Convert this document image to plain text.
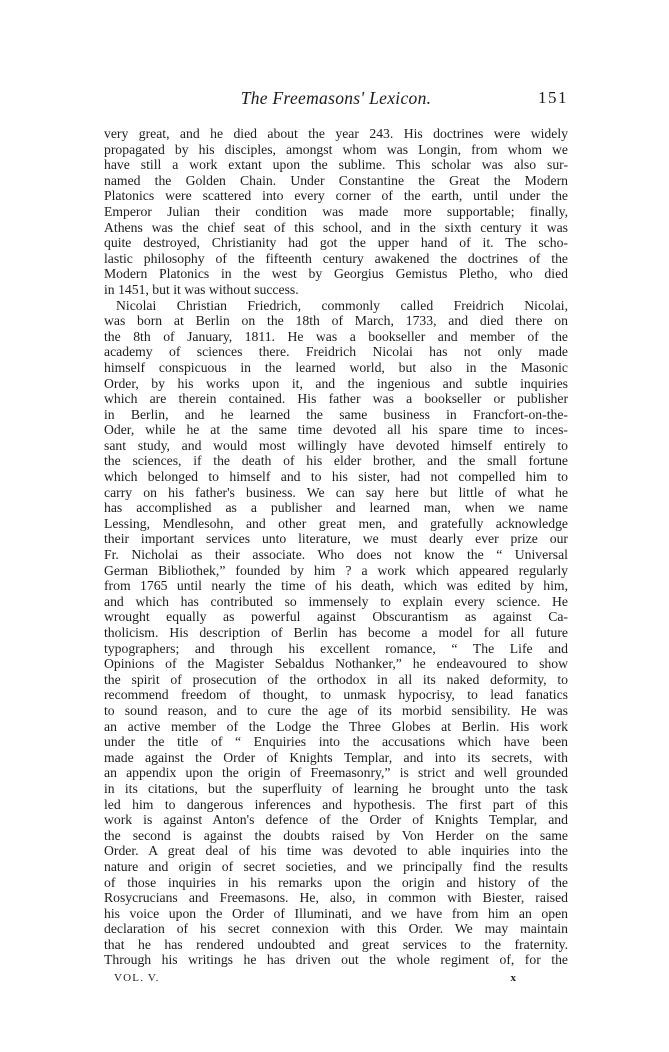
The Freemasons' Lexicon.	151
very great, and he died about the year 243. His doctrines were widely
propagated by his disciples, amongst whom was Longin, from whom we
have still a work extant upon the sublime. This scholar was also sur-
named the Golden Chain. Under Constantine the Great the Modern
Platonics were scattered into every corner of the earth, until under the
Emperor Julian their condition was made more supportable; finally,
Athens was the chief seat of this school, and in the sixth century it was
quite destroyed, Christianity had got the upper hand of it. The scho-
lastic philosophy of the fifteenth century awakened the doctrines of the
Modern Platonics in the west by Georgius Gemistus Pletho, who died
in 1451, but it was without success.
Nicolai Christian Friedrich, commonly called Freidrich Nicolai,
was born at Berlin on the 18th of March, 1733, and died there on
the 8th of January, 1811. He was a bookseller and member of the
academy of sciences there. Freidrich Nicolai has not only made
himself conspicuous in the learned world, but also in the Masonic
Order, by his works upon it, and the ingenious and subtle inquiries
which are therein contained. His father was a bookseller or publisher
in Berlin, and he learned the same business in Francfort-on-the-
Oder, while he at the same time devoted all his spare time to inces-
sant study, and would most willingly have devoted himself entirely to
the sciences, if the death of his elder brother, and the small fortune
which belonged to himself and to his sister, had not compelled him to
carry on his father's business. We can say here but little of what he
has accomplished as a publisher and learned man, when we name
Lessing, Mendlesohn, and other great men, and gratefully acknowledge
their important services unto literature, we must dearly ever prize our
Fr. Nicholai as their associate. Who does not know the “ Universal
German Bibliothek,” founded by him ? a work which appeared regularly
from 1765 until nearly the time of his death, which was edited by him,
and which has contributed so immensely to explain every science. He
wrought equally as powerful against Obscurantism as against Ca-
tholicism. His description of Berlin has become a model for all future
typographers; and through his excellent romance, “ The Life and
Opinions of the Magister Sebaldus Nothanker,” he endeavoured to show
the spirit of prosecution of the orthodox in all its naked deformity, to
recommend freedom of thought, to unmask hypocrisy, to lead fanatics
to sound reason, and to cure the age of its morbid sensibility. He was
an active member of the Lodge the Three Globes at Berlin. His work
under the title of “ Enquiries into the accusations which have been
made against the Order of Knights Templar, and into its secrets, with
an appendix upon the origin of Freemasonry,” is strict and well grounded
in its citations, but the superfluity of learning he brought unto the task
led him to dangerous inferences and hypothesis. The first part of this
work is against Anton's defence of the Order of Knights Templar, and
the second is against the doubts raised by Von Herder on the same
Order. A great deal of his time was devoted to able inquiries into the
nature and origin of secret societies, and we principally find the results
of those inquiries in his remarks upon the origin and history of the
Rosycrucians and Freemasons. He, also, in common with Biester, raised
his voice upon the Order of Illuminati, and we have from him an open
declaration of his secret connexion with this Order. We may maintain
that he has rendered undoubted and great services to the fraternity.
Through his writings he has driven out the whole regiment of, for the
VOL. V.	x
